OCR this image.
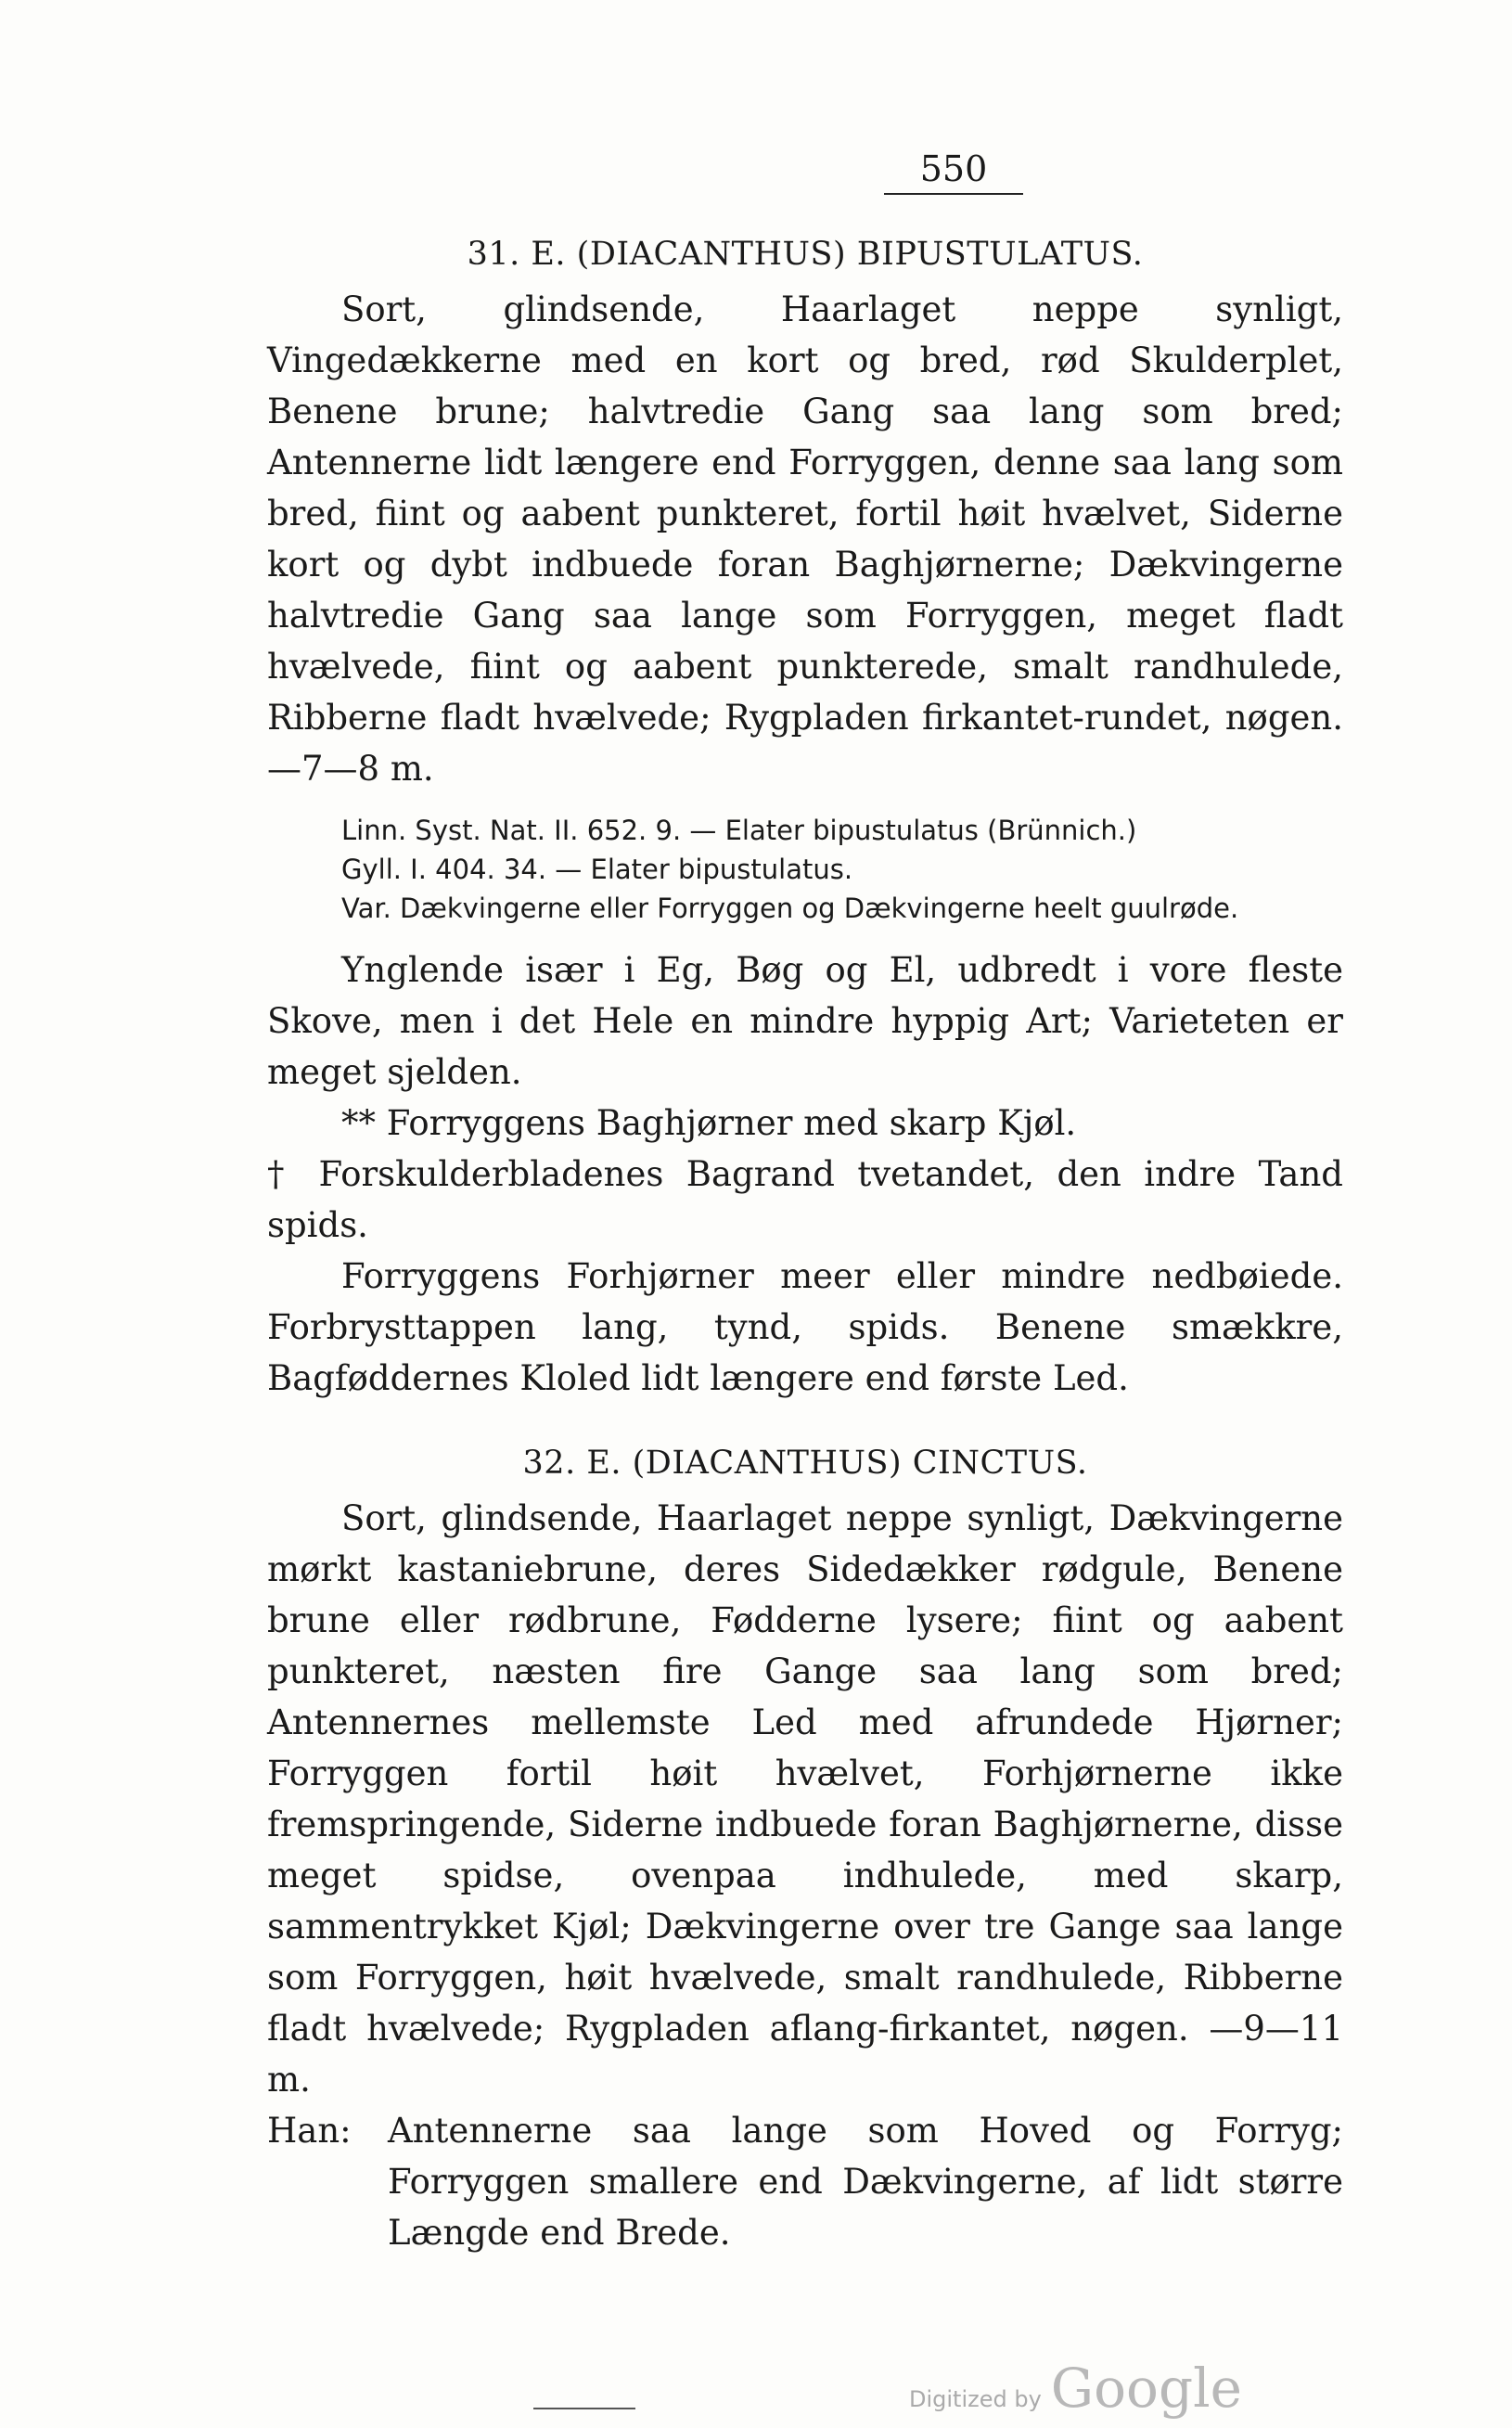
550
31. E. (DIACANTHUS) BIPUSTULATUS.

Sort, glindsende, Haarlaget neppe synligt, Vingedækkerne med en kort og bred, rød Skulderplet, Benene brune; halvtredie Gang saa lang som bred; Antennerne lidt længere end Forryggen, denne saa lang som bred, fiint og aabent punkteret, fortil høit hvælvet, Siderne kort og dybt indbuede foran Baghjørnerne; Dækvingerne halvtredie Gang saa lange som Forryggen, meget fladt hvælvede, fiint og aabent punkterede, smalt randhulede, Ribberne fladt hvælvede; Rygpladen firkantet-rundet, nøgen. —7—8 m.

Linn. Syst. Nat. II. 652. 9. — Elater bipustulatus (Brünnich.)
Gyll. I. 404. 34. — Elater bipustulatus.
Var. Dækvingerne eller Forryggen og Dækvingerne heelt guulrøde.

Ynglende især i Eg, Bøg og El, udbredt i vore fleste Skove, men i det Hele en mindre hyppig Art; Varieteten er meget sjelden.

** Forryggens Baghjørner med skarp Kjøl.

† Forskulderbladenes Bagrand tvetandet, den indre Tand spids.

Forryggens Forhjørner meer eller mindre nedbøiede. Forbrysttappen lang, tynd, spids. Benene smækkre, Bagføddernes Kloled lidt længere end første Led.

32. E. (DIACANTHUS) CINCTUS.

Sort, glindsende, Haarlaget neppe synligt, Dækvingerne mørkt kastaniebrune, deres Sidedækker rødgule, Benene brune eller rødbrune, Fødderne lysere; fiint og aabent punkteret, næsten fire Gange saa lang som bred; Antennernes mellemste Led med afrundede Hjørner; Forryggen fortil høit hvælvet, Forhjørnerne ikke fremspringende, Siderne indbuede foran Baghjørnerne, disse meget spidse, ovenpaa indhulede, med skarp, sammentrykket Kjøl; Dækvingerne over tre Gange saa lange som Forryggen, høit hvælvede, smalt randhulede, Ribberne fladt hvælvede; Rygpladen aflang-firkantet, nøgen. —9—11 m.

Han:	Antennerne saa lange som Hoved og Forryg; Forryggen smallere end Dækvingerne, af lidt større Længde end Brede.
Digitized by Google
